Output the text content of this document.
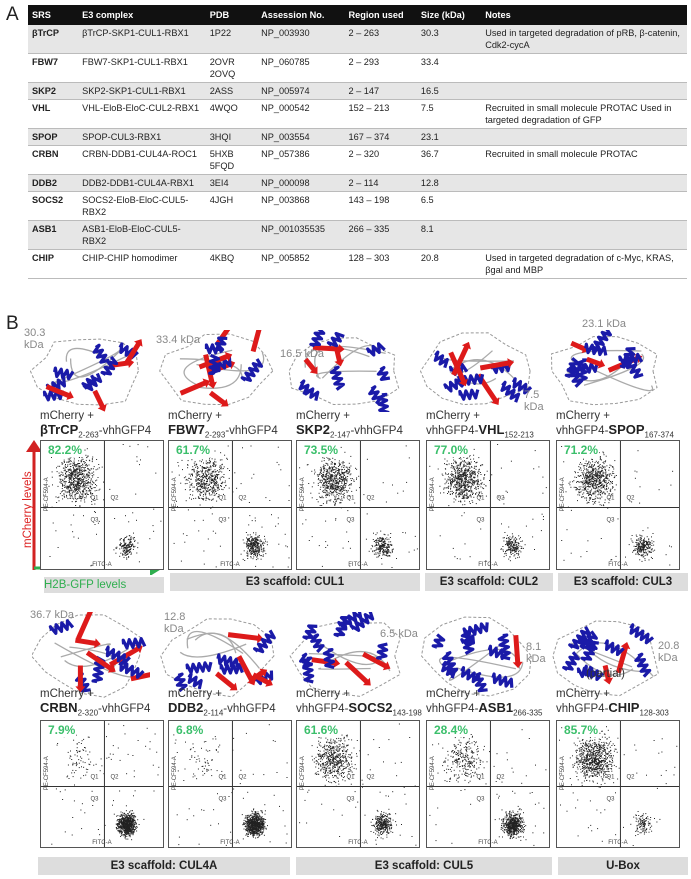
A SRS	E3 complex	PDB	Assession No.	Region used	Size (kDa)	Notes
βTrCP	βTrCP-SKP1-CUL1-RBX1	1P22	NP_003930	2 – 263	30.3	Used in targeted degradation of pRB, β-catenin, Cdk2-cycA
FBW7	FBW7-SKP1-CUL1-RBX1	2OVR 2OVQ	NP_060785	2 – 293	33.4	
SKP2	SKP2-SKP1-CUL1-RBX1	2ASS	NP_005974	2 – 147	16.5	
VHL	VHL-EloB-EloC-CUL2-RBX1	4WQO	NP_000542	152 – 213	7.5	Recruited in small molecule PROTAC Used in targeted degradation of GFP
SPOP	SPOP-CUL3-RBX1	3HQI	NP_003554	167 – 374	23.1	
CRBN	CRBN-DDB1-CUL4A-ROC1	5HXB 5FQD	NP_057386	2 – 320	36.7	Recruited in small molecule PROTAC
DDB2	DDB2-DDB1-CUL4A-RBX1	3EI4	NP_000098	2 – 114	12.8	
SOCS2	SOCS2-EloB-EloC-CUL5-RBX2	4JGH	NP_003868	143 – 198	6.5	
ASB1	ASB1-EloB-EloC-CUL5-RBX2		NP_001035535	266 – 335	8.1	
CHIP	CHIP-CHIP homodimer	4KBQ	NP_005852	128 – 303	20.8	Used in targeted degradation of c-Myc, KRAS, βgal and MBP
B
mCherry levels
30.3 kDa
mCherry +
βTrCP$_{2-263}$-vhhGFP4
Q1 Q2
Q3
PE-CF594-A
FITC-A
82.2%
33.4 kDa
mCherry +
$FBW7_{2-293}-vhhGFP4$
Q1 Q2
Q3
PE-CF594-A
FITC-A
61.7%
16.5 kDa
mCherry +
$SKP2_{2-147}-vhhGFP4$
Q1 Q2
Q3
PE-CF594-A
FITC-A
73.5%
7.5 kDa
mCherry +
$vhhGFP4-VHL_{152-213}$
Q1 Q2
Q3
PE-CF594-A
FITC-A
77.0%
23.1 kDa
mCherry +
$vhhGFP4-SPOP_{167-374}$
Q1 Q2
Q3
PE-CF594-A
FITC-A
71.2%
36.7 kDa
mCherry +
$CRBN_{2-320}-vhhGFP4$
Q1 Q2
Q3
PE-CF594-A
FITC-A
7.9%
12.8 kDa
mCherry +
$DDB2_{2-114}-vhhGFP4$
Q1 Q2
Q3
PE-CF594-A
FITC-A
6.8%
6.5 kDa
mCherry +
$vhhGFP4-SOCS2_{143-198}$
Q1 Q2
Q3
PE-CF594-A
FITC-A
61.6%
8.1 kDa
mCherry +
$vhhGFP4-ASB1_{266-335}$
Q1 Q2
Q3
PE-CF594-A
FITC-A
28.4%
20.8 kDa
(partial)
mCherry +
$vhhGFP4-CHIP_{128-303}$
Q1 Q2
Q3
PE-CF594-A
FITC-A
85.7%
H2B-GFP levels	E3 scaffold: CUL1	E3 scaffold: CUL2	E3 scaffold: CUL3
E3 scaffold: CUL4A	E3 scaffold: CUL5	U-Box
